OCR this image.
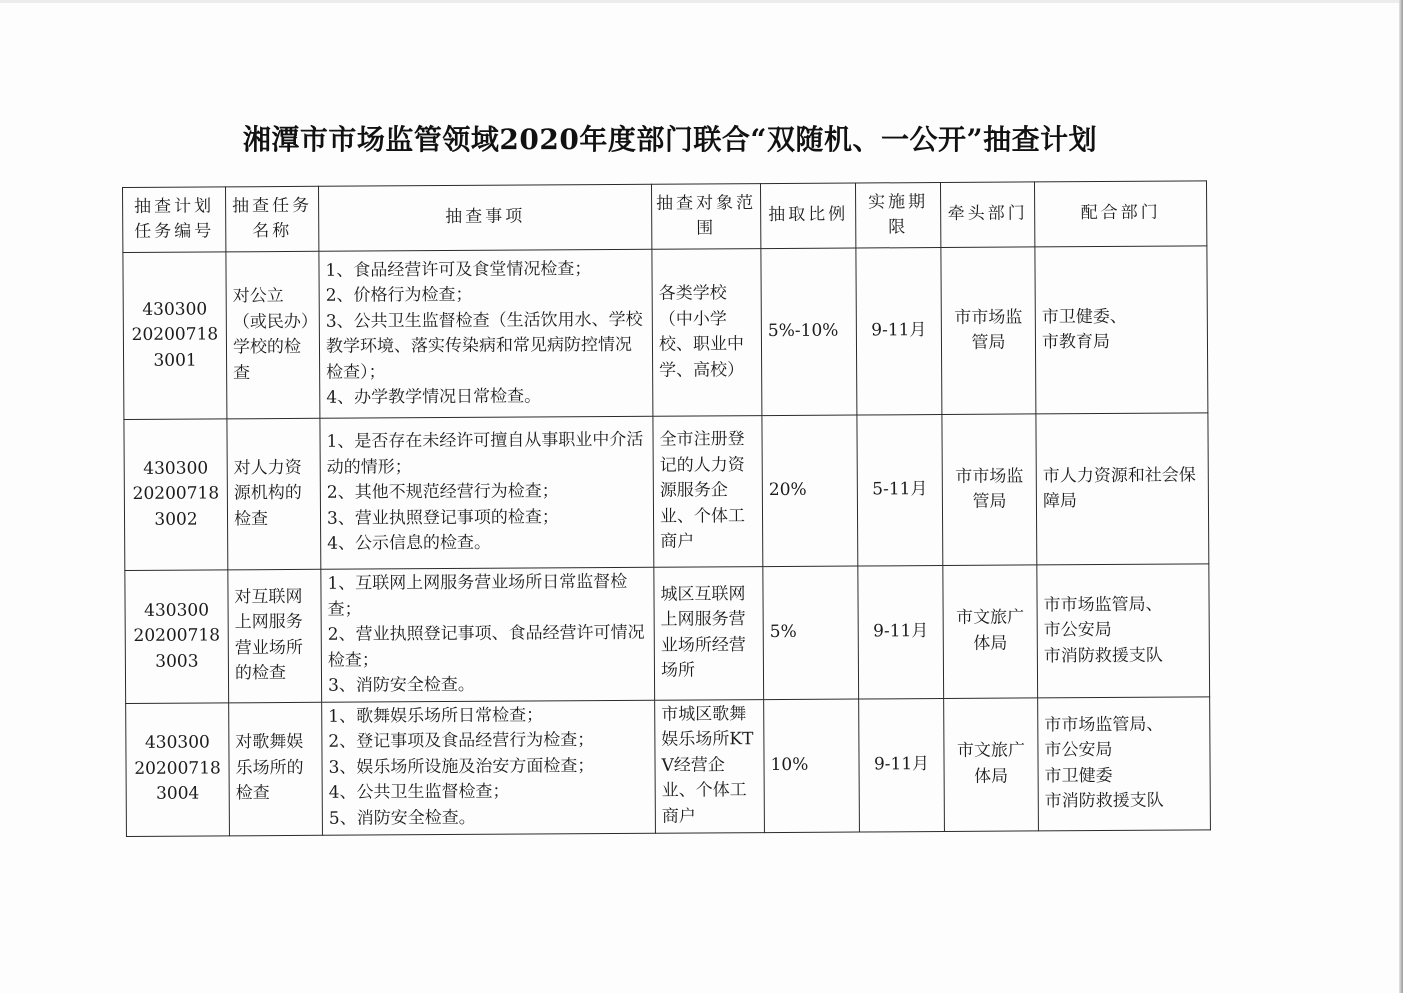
湘潭市市场监管领域2020年度部门联合“双随机、一公开”抽查计划
抽查计划任务编号	抽查任务名称	抽查事项	抽查对象范围	抽取比例	实施期限	牵头部门	配合部门

430300
20200718
3001	对公立（或民办）学校的检查	1、食品经营许可及食堂情况检查；
2、价格行为检查；
3、公共卫生监督检查（生活饮用水、学校教学环境、落实传染病和常见病防控情况检查）；
4、办学教学情况日常检查。	各类学校（中小学校、职业中学、高校）	5%-10%	9-11月	市市场监管局	市卫健委、
市教育局

430300
20200718
3002	对人力资源机构的检查	1、是否存在未经许可擅自从事职业中介活动的情形；
2、其他不规范经营行为检查；
3、营业执照登记事项的检查；
4、公示信息的检查。	全市注册登记的人力资源服务企业、个体工商户	20%	5-11月	市市场监管局	市人力资源和社会保障局

430300
20200718
3003	对互联网上网服务营业场所的检查	1、互联网上网服务营业场所日常监督检查；
2、营业执照登记事项、食品经营许可情况检查；
3、消防安全检查。	城区互联网上网服务营业场所经营场所	5%	9-11月	市文旅广体局	市市场监管局、
市公安局
市消防救援支队

430300
20200718
3004	对歌舞娱乐场所的检查	1、歌舞娱乐场所日常检查；
2、登记事项及食品经营行为检查；
3、娱乐场所设施及治安方面检查；
4、公共卫生监督检查；
5、消防安全检查。	市城区歌舞娱乐场所KTV经营企业、个体工商户	10%	9-11月	市文旅广体局	市市场监管局、
市公安局
市卫健委
市消防救援支队
